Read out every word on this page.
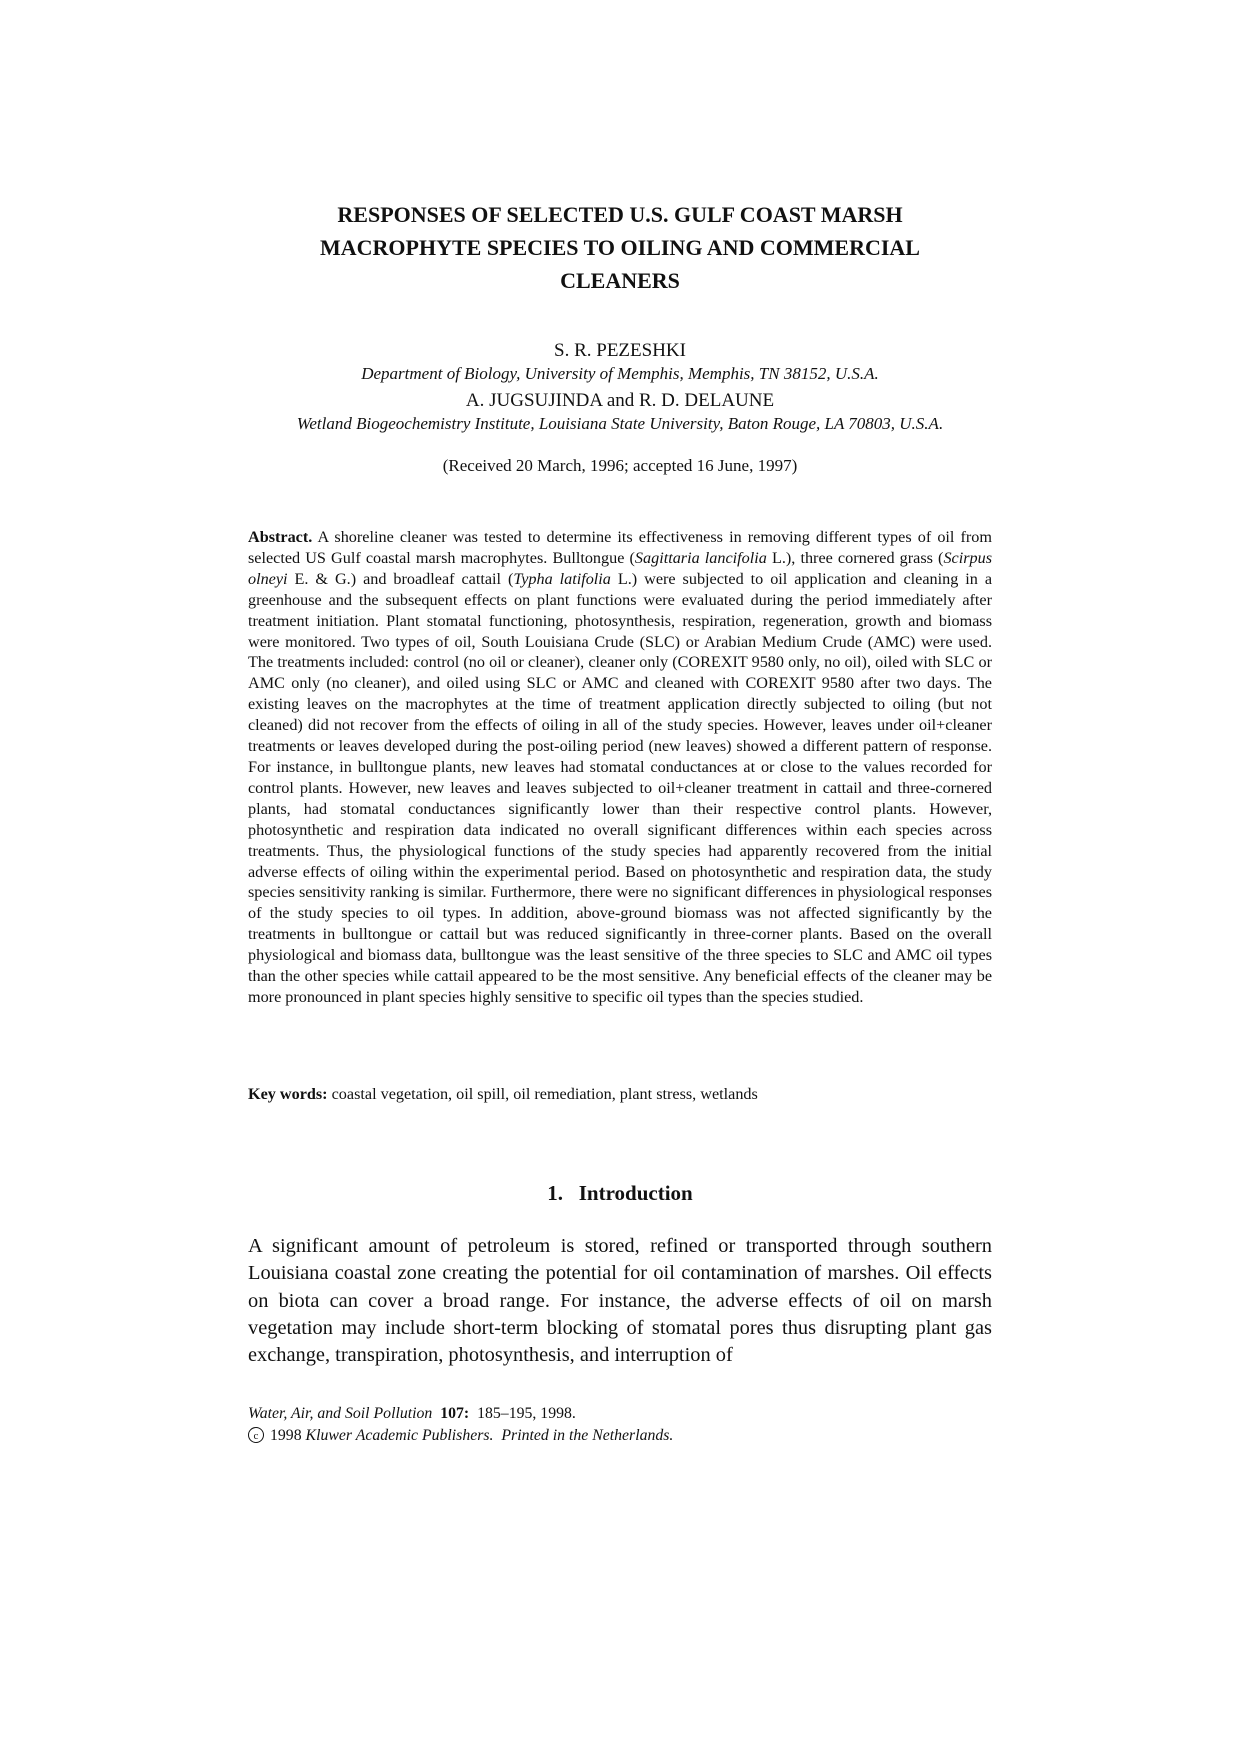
RESPONSES OF SELECTED U.S. GULF COAST MARSH
MACROPHYTE SPECIES TO OILING AND COMMERCIAL
CLEANERS

S. R. PEZESHKI

Department of Biology, University of Memphis, Memphis, TN 38152, U.S.A.

A. JUGSUJINDA and R. D. DELAUNE

Wetland Biogeochemistry Institute, Louisiana State University, Baton Rouge, LA 70803, U.S.A.

(Received 20 March, 1996; accepted 16 June, 1997)

Abstract. A shoreline cleaner was tested to determine its effectiveness in removing different types of oil from selected US Gulf coastal marsh macrophytes. Bulltongue (Sagittaria lancifolia L.), three cornered grass (Scirpus olneyi E. & G.) and broadleaf cattail (Typha latifolia L.) were subjected to oil application and cleaning in a greenhouse and the subsequent effects on plant functions were evaluated during the period immediately after treatment initiation. Plant stomatal functioning, photosynthesis, respiration, regeneration, growth and biomass were monitored. Two types of oil, South Louisiana Crude (SLC) or Arabian Medium Crude (AMC) were used. The treatments included: control (no oil or cleaner), cleaner only (COREXIT 9580 only, no oil), oiled with SLC or AMC only (no cleaner), and oiled using SLC or AMC and cleaned with COREXIT 9580 after two days. The existing leaves on the macrophytes at the time of treatment application directly subjected to oiling (but not cleaned) did not recover from the effects of oiling in all of the study species. However, leaves under oil+cleaner treatments or leaves developed during the post-oiling period (new leaves) showed a different pattern of response. For instance, in bulltongue plants, new leaves had stomatal conductances at or close to the values recorded for control plants. However, new leaves and leaves subjected to oil+cleaner treatment in cattail and three-cornered plants, had stomatal conductances significantly lower than their respective control plants. However, photosynthetic and respiration data indicated no overall significant differences within each species across treatments. Thus, the physiological functions of the study species had apparently recovered from the initial adverse effects of oiling within the experimental period. Based on photosynthetic and respiration data, the study species sensitivity ranking is similar. Furthermore, there were no significant differences in physiological responses of the study species to oil types. In addition, above-ground biomass was not affected significantly by the treatments in bulltongue or cattail but was reduced significantly in three-corner plants. Based on the overall physiological and biomass data, bulltongue was the least sensitive of the three species to SLC and AMC oil types than the other species while cattail appeared to be the most sensitive. Any beneficial effects of the cleaner may be more pronounced in plant species highly sensitive to specific oil types than the species studied.

Key words: coastal vegetation, oil spill, oil remediation, plant stress, wetlands

1. Introduction

A significant amount of petroleum is stored, refined or transported through southern Louisiana coastal zone creating the potential for oil contamination of marshes. Oil effects on biota can cover a broad range. For instance, the adverse effects of oil on marsh vegetation may include short-term blocking of stomatal pores thus disrupting plant gas exchange, transpiration, photosynthesis, and interruption of

Water, Air, and Soil Pollution 107: 185–195, 1998.
c 1998 Kluwer Academic Publishers. Printed in the Netherlands.
